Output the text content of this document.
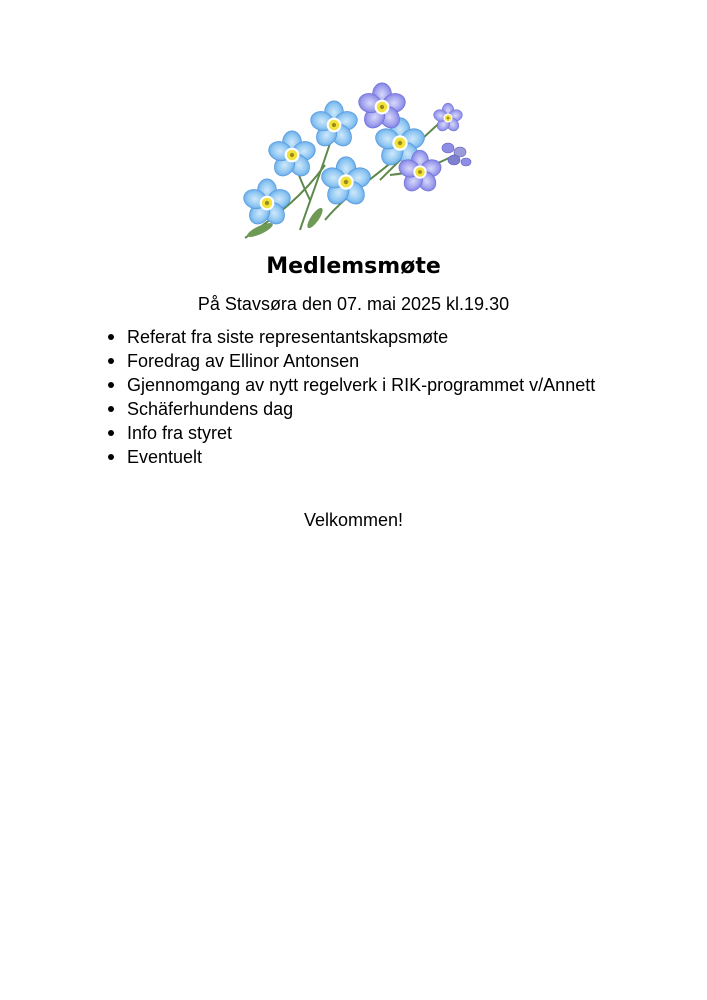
Medlemsmøte
På Stavsøra den 07. mai 2025 kl.19.30
Referat fra siste representantskapsmøte
Foredrag av Ellinor Antonsen
Gjennomgang av nytt regelverk i RIK-programmet v/Annett
Schäferhundens dag
Info fra styret
Eventuelt
Velkommen!
